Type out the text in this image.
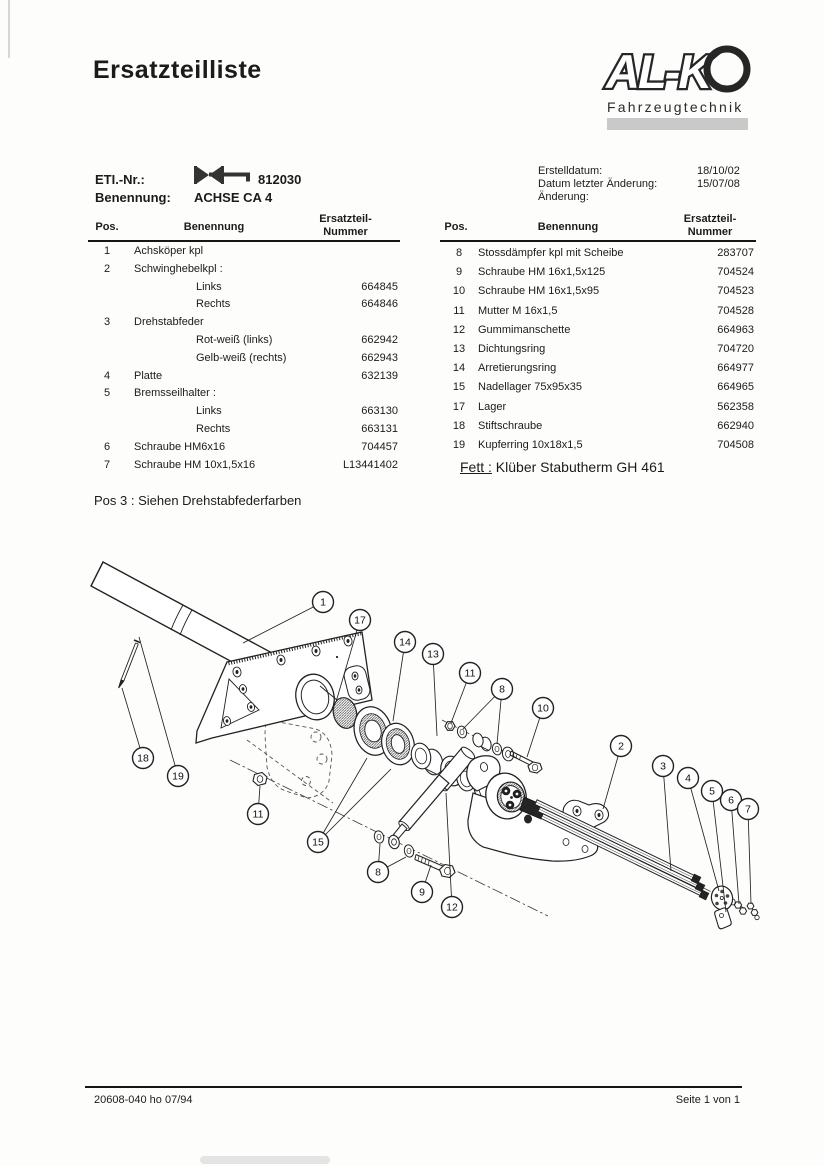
Ersatzteilliste	AL-K
Fahrzeugtechnik
ETI.-Nr.:	812030
Benennung: ACHSE CA 4
Erstelldatum:	18/10/02
Datum letzter Änderung:	15/07/08
Änderung:
Pos.	Benennung
Ersatzteil-
Nummer	Pos.	Benennung
Ersatzteil-
Nummer
1	Achsköper kpl
2	Schwinghebelkpl :
Links	664845
Rechts	664846
3	Drehstabfeder
Rot-weiß (links)	662942
Gelb-weiß (rechts)	662943
4	Platte	632139
5	Bremsseilhalter :
Links	663130
Rechts	663131
6	Schraube HM6x16	704457
7	Schraube HM 10x1,5x16	L13441402
8	Stossdämpfer kpl mit Scheibe	283707
9	Schraube HM 16x1,5x125	704524
10	Schraube HM 16x1,5x95	704523
11	Mutter M 16x1,5	704528
12	Gummimanschette	664963
13	Dichtungsring	704720
14	Arretierungsring	664977
15	Nadellager 75x95x35	664965
17	Lager	562358
18	Stiftschraube	662940
19	Kupferring 10x18x1,5	704508
Fett : Klüber Stabutherm GH 461
Pos 3 : Siehen Drehstabfederfarben
1
17
14
13
11
8
10
2
3
4
5
6
7
18
19
11
15
8
9
12
20608-040 ho 07/94	Seite 1 von 1
